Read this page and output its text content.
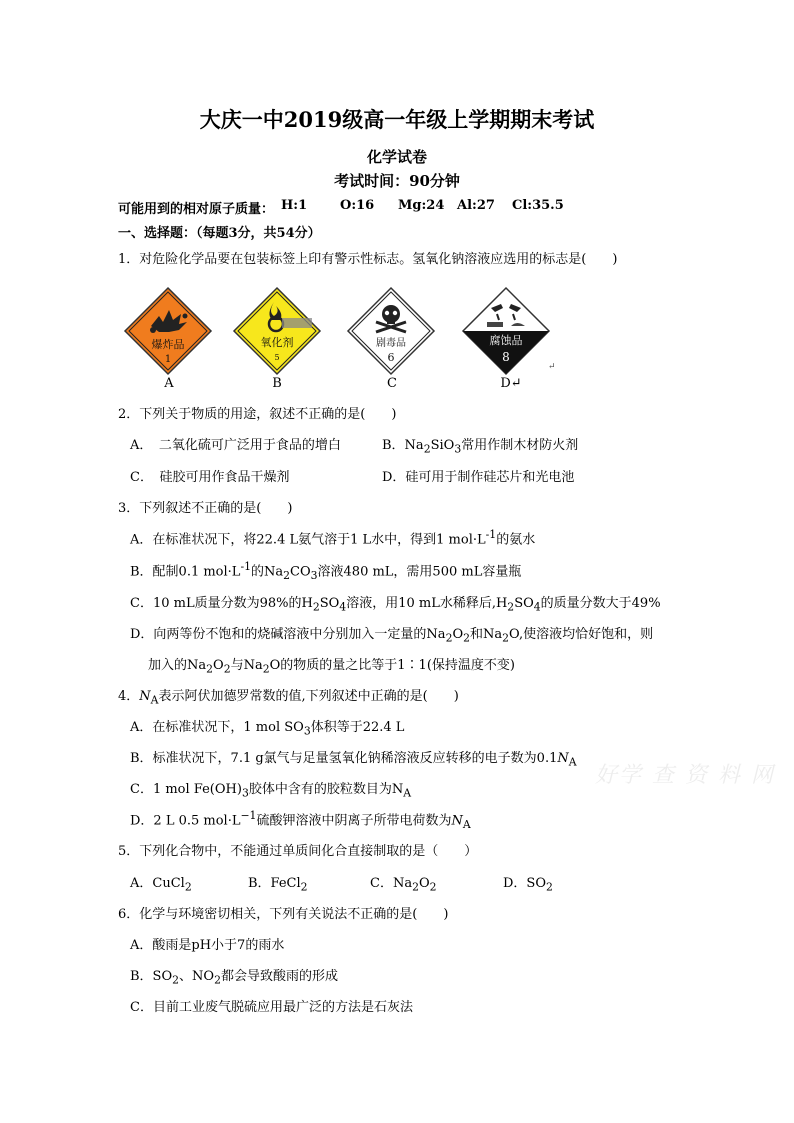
大庆一中2019级高一年级上学期期末考试
化学试卷
考试时间：90分钟
可能用到的相对原子质量： H:1	O:16 Mg:24 Al:27 Cl:35.5
一、选择题：（每题3分，共54分）
1．对危险化学品要在包装标签上印有警示性标志。氢氧化钠溶液应选用的标志是(　　)
爆炸品
1
氧化剂
5
剧毒品
6
腐蚀品
8
A	B	C	D↵
↵
2．下列关于物质的用途，叙述不正确的是(　　)
A．　二氧化硫可广泛用于食品的增白	B．$Na_2SiO_3$常用作制木材防火剂
C．　硅胶可用作食品干燥剂	D．硅可用于制作硅芯片和光电池
3．下列叙述不正确的是(　　)
A．在标准状况下，将22.4 L氨气溶于1 L水中，得到1 $mol\cdot L^{-1}$的氨水
B．配制0.1 $mol\cdot L^{-1}$的$Na_2CO_3$溶液480 mL，需用500 mL容量瓶
C．10 mL质量分数为98%的$H_2SO_4$溶液，用10 mL水稀释后$,H_2SO_4$的质量分数大于49%
D．向两等份不饱和的烧碱溶液中分别加入一定量的$Na_2O_2$和$Na_2O$,使溶液均恰好饱和，则
加入的$Na_2O_2$与$Na_2O$的物质的量之比等于1∶1(保持温度不变)
4．$N_A$表示阿伏加德罗常数的值,下列叙述中正确的是(　　)
A．在标准状况下，1 mol $SO_3$体积等于22.4 L
B．标准状况下，7.1 g氯气与足量氢氧化钠稀溶液反应转移的电子数为$0.1N_A$
C．1 mol $Fe(OH)_3$胶体中含有的胶粒数目为$N_A$
D．2 L 0.5 $mol\cdot L^{-1}$硫酸钾溶液中阴离子所带电荷数为$N_A$
5．下列化合物中，不能通过单质间化合直接制取的是（　　）
A．CuCl$_2$	B．FeCl$_2$	C．$Na_2O_2$	D．$SO_2$
6．化学与环境密切相关，下列有关说法不正确的是(　　)
A．酸雨是pH小于7的雨水
B．$SO_2$、$NO_2$都会导致酸雨的形成
C．目前工业废气脱硫应用最广泛的方法是石灰法
好学 查 资 料 网
